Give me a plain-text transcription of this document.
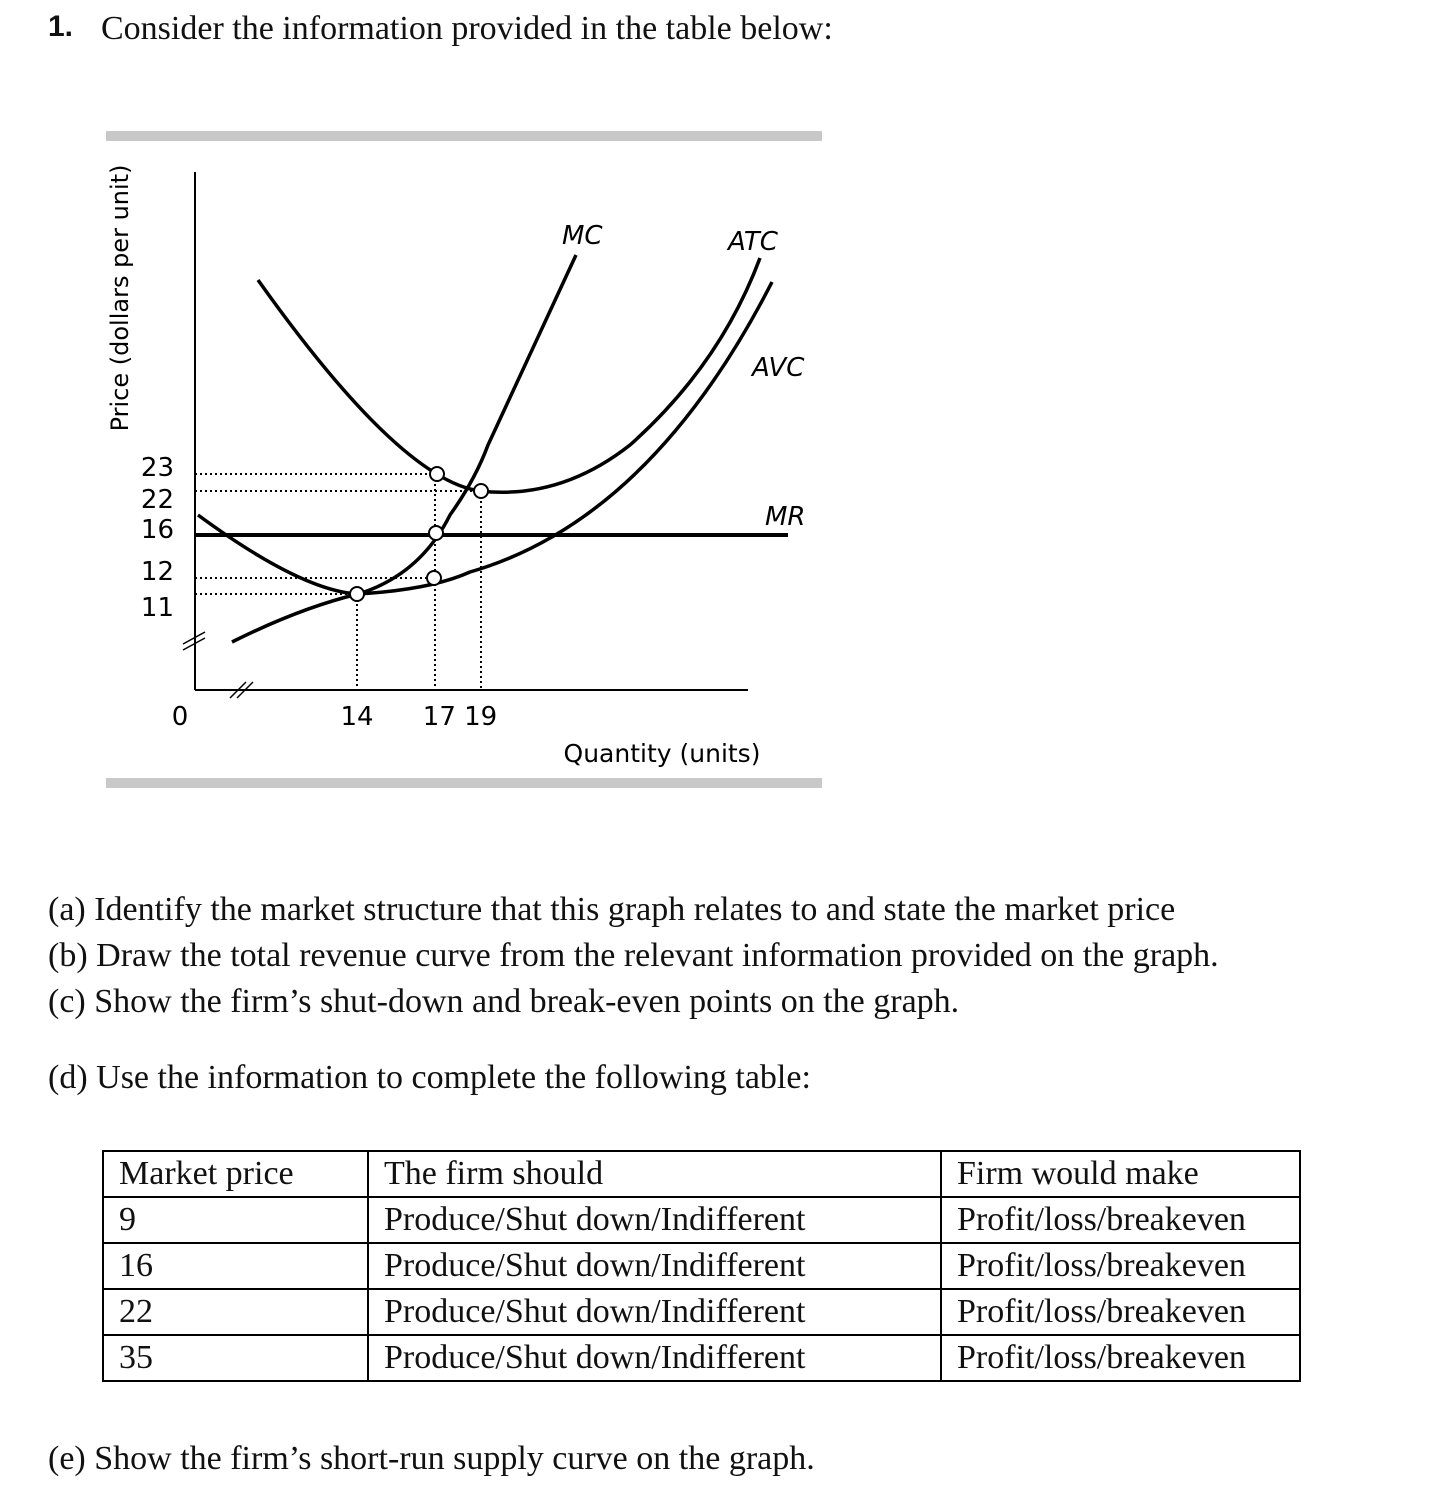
1. Consider the information provided in the table below:
MC	ATC
AVC
MR
23
22
16
12
11
0	14 17 19
Quantity (units)
Price (dollars per unit)
(a) Identify the market structure that this graph relates to and state the market price
(b) Draw the total revenue curve from the relevant information provided on the graph.
(c) Show the firm’s shut-down and break-even points on the graph.
(d) Use the information to complete the following table:
Market price	The firm should	Firm would make
9	Produce/Shut down/Indifferent	Profit/loss/breakeven
16	Produce/Shut down/Indifferent	Profit/loss/breakeven
22	Produce/Shut down/Indifferent	Profit/loss/breakeven
35	Produce/Shut down/Indifferent	Profit/loss/breakeven
(e) Show the firm’s short-run supply curve on the graph.
